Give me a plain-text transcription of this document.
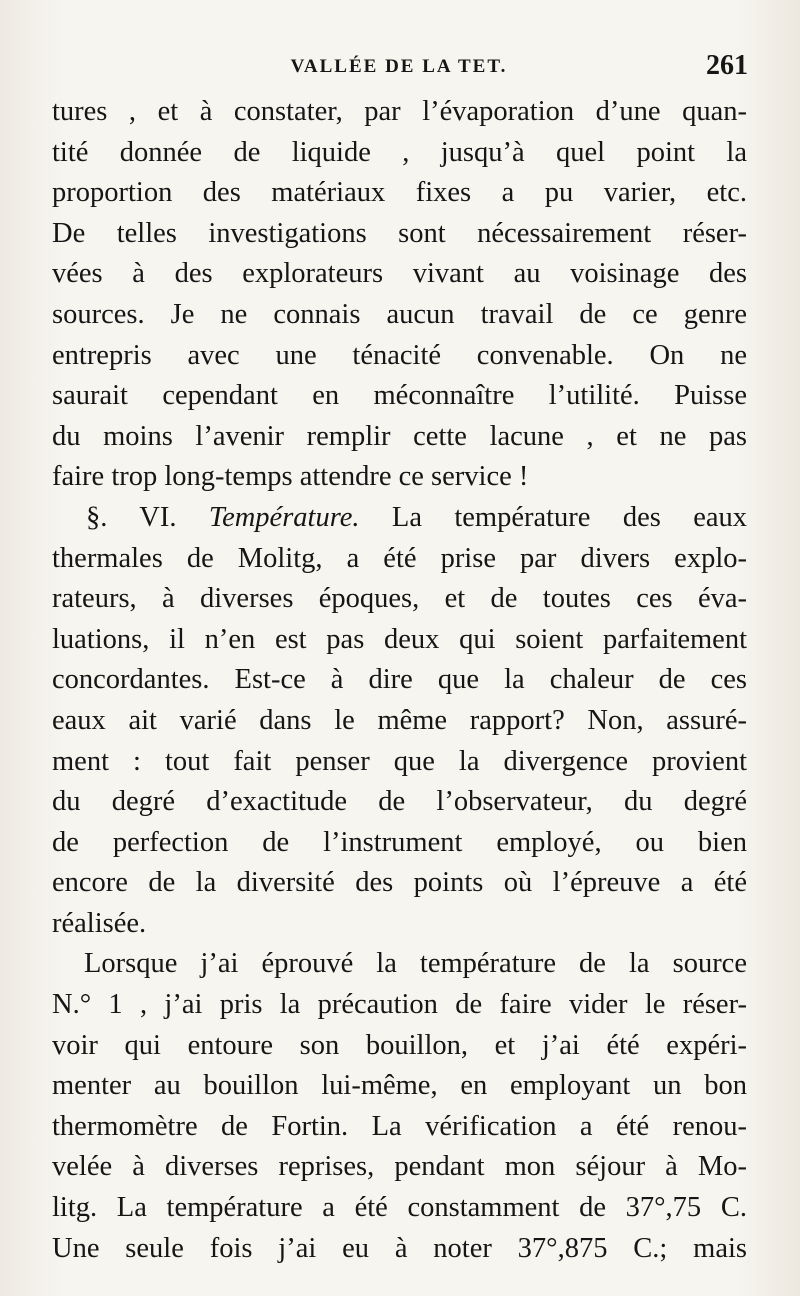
VALLÉE DE LA TET.	261
tures , et à constater, par l’évaporation d’une quan-
tité donnée de liquide , jusqu’à quel point la
proportion des matériaux fixes a pu varier, etc.
De telles investigations sont nécessairement réser-
vées à des explorateurs vivant au voisinage des
sources. Je ne connais aucun travail de ce genre
entrepris avec une ténacité convenable. On ne
saurait cependant en méconnaître l’utilité. Puisse
du moins l’avenir remplir cette lacune , et ne pas
faire trop long-temps attendre ce service !
§. VI. Température. La température des eaux
thermales de Molitg, a été prise par divers explo-
rateurs, à diverses époques, et de toutes ces éva-
luations, il n’en est pas deux qui soient parfaitement
concordantes. Est-ce à dire que la chaleur de ces
eaux ait varié dans le même rapport? Non, assuré-
ment : tout fait penser que la divergence provient
du degré d’exactitude de l’observateur, du degré
de perfection de l’instrument employé, ou bien
encore de la diversité des points où l’épreuve a été
réalisée.
Lorsque j’ai éprouvé la température de la source
N.° 1 , j’ai pris la précaution de faire vider le réser-
voir qui entoure son bouillon, et j’ai été expéri-
menter au bouillon lui-même, en employant un bon
thermomètre de Fortin. La vérification a été renou-
velée à diverses reprises, pendant mon séjour à Mo-
litg. La température a été constamment de 37°,75 C.
Une seule fois j’ai eu à noter 37°,875 C.; mais
